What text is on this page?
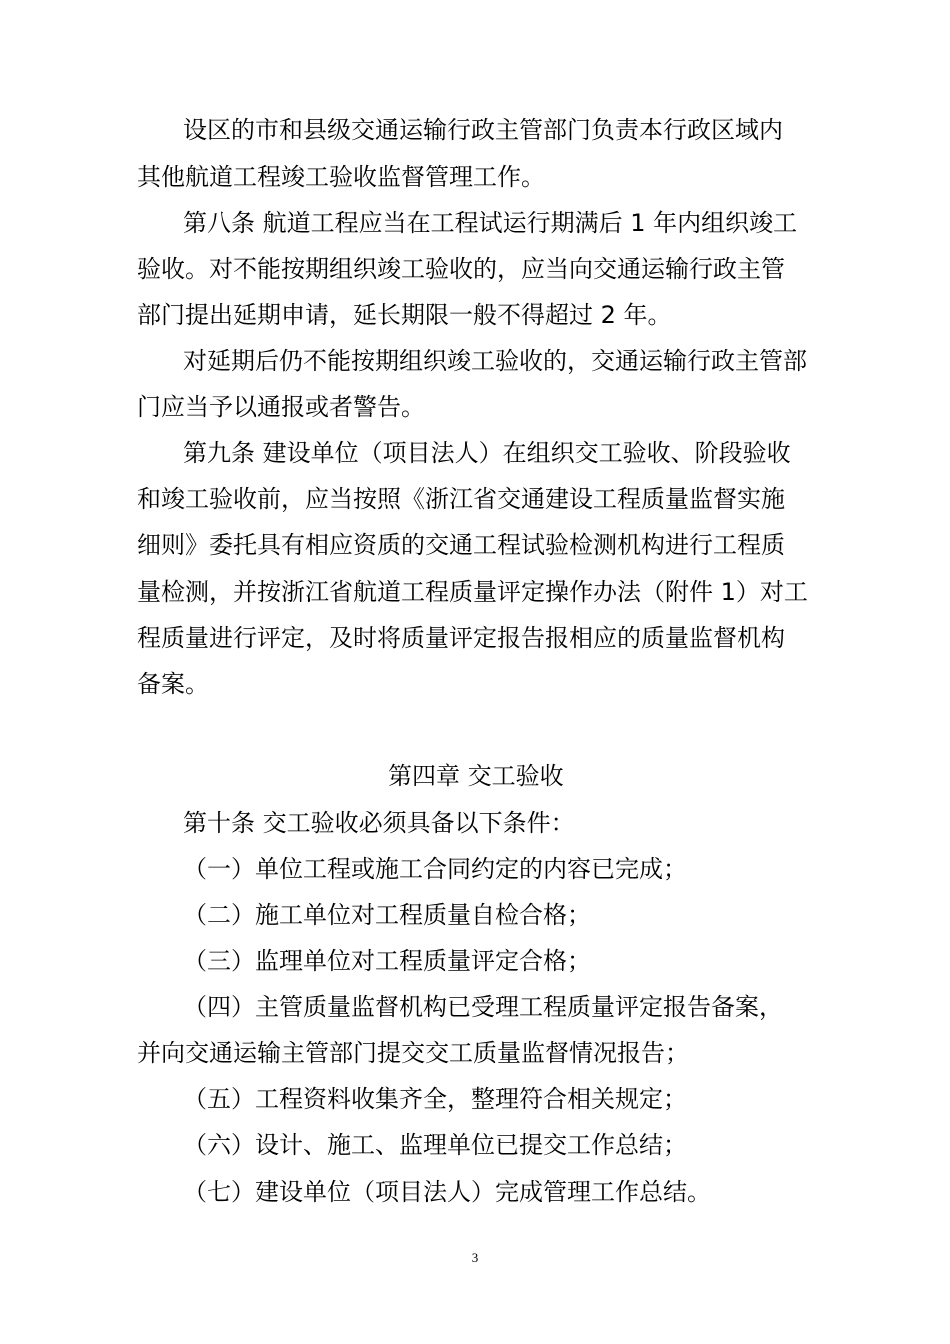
设区的市和县级交通运输行政主管部门负责本行政区域内
其他航道工程竣工验收监督管理工作。
第八条 航道工程应当在工程试运行期满后 1 年内组织竣工
验收。对不能按期组织竣工验收的，应当向交通运输行政主管
部门提出延期申请，延长期限一般不得超过 2 年。
对延期后仍不能按期组织竣工验收的，交通运输行政主管部
门应当予以通报或者警告。
第九条 建设单位（项目法人）在组织交工验收、阶段验收
和竣工验收前，应当按照《浙江省交通建设工程质量监督实施
细则》委托具有相应资质的交通工程试验检测机构进行工程质
量检测，并按浙江省航道工程质量评定操作办法（附件 1）对工
程质量进行评定，及时将质量评定报告报相应的质量监督机构
备案。
第四章 交工验收
第十条 交工验收必须具备以下条件：
（一）单位工程或施工合同约定的内容已完成；
（二）施工单位对工程质量自检合格；
（三）监理单位对工程质量评定合格；
（四）主管质量监督机构已受理工程质量评定报告备案，
并向交通运输主管部门提交交工质量监督情况报告；
（五）工程资料收集齐全，整理符合相关规定；
（六）设计、施工、监理单位已提交工作总结；
（七）建设单位（项目法人）完成管理工作总结。
3
